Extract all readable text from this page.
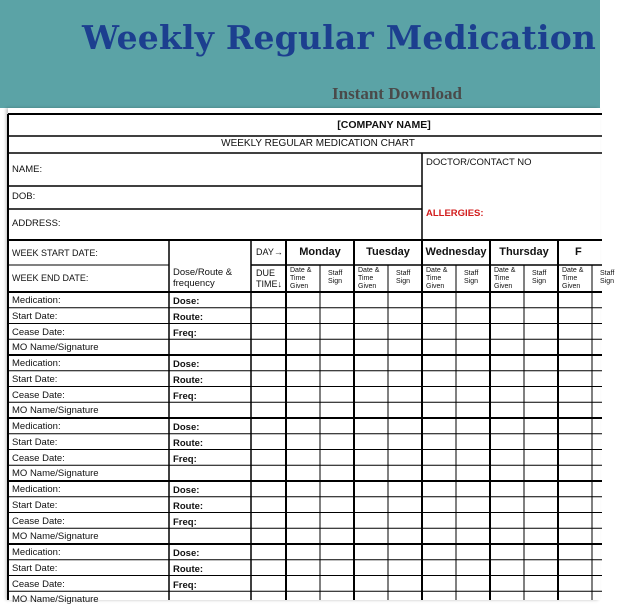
Weekly Regular Medication
Instant Download
[COMPANY NAME]
WEEKLY REGULAR MEDICATION CHART
NAME:
DOB:
ADDRESS:
DOCTOR/CONTACT NO
ALLERGIES:
WEEK START DATE:
WEEK END DATE:	Dose/Route & frequency
DAY→
DUE TIME↓
Monday Tuesday Wednesday Thursday F
Date & Time Given
Staff Sign
Date & Time Given
Staff Sign
Date & Time Given
Staff Sign
Date & Time Given
Staff Sign
Date & Time Given
Staff Sign
Medication:
Start Date:
Cease Date:
MO Name/Signature
Dose:
Route:
Freq:
Medication:
Start Date:
Cease Date:
MO Name/Signature
Dose:
Route:
Freq:
Medication:
Start Date:
Cease Date:
MO Name/Signature
Dose:
Route:
Freq:
Medication:
Start Date:
Cease Date:
MO Name/Signature
Dose:
Route:
Freq:
Medication:
Start Date:
Cease Date:
MO Name/Signature
Dose:
Route:
Freq:
